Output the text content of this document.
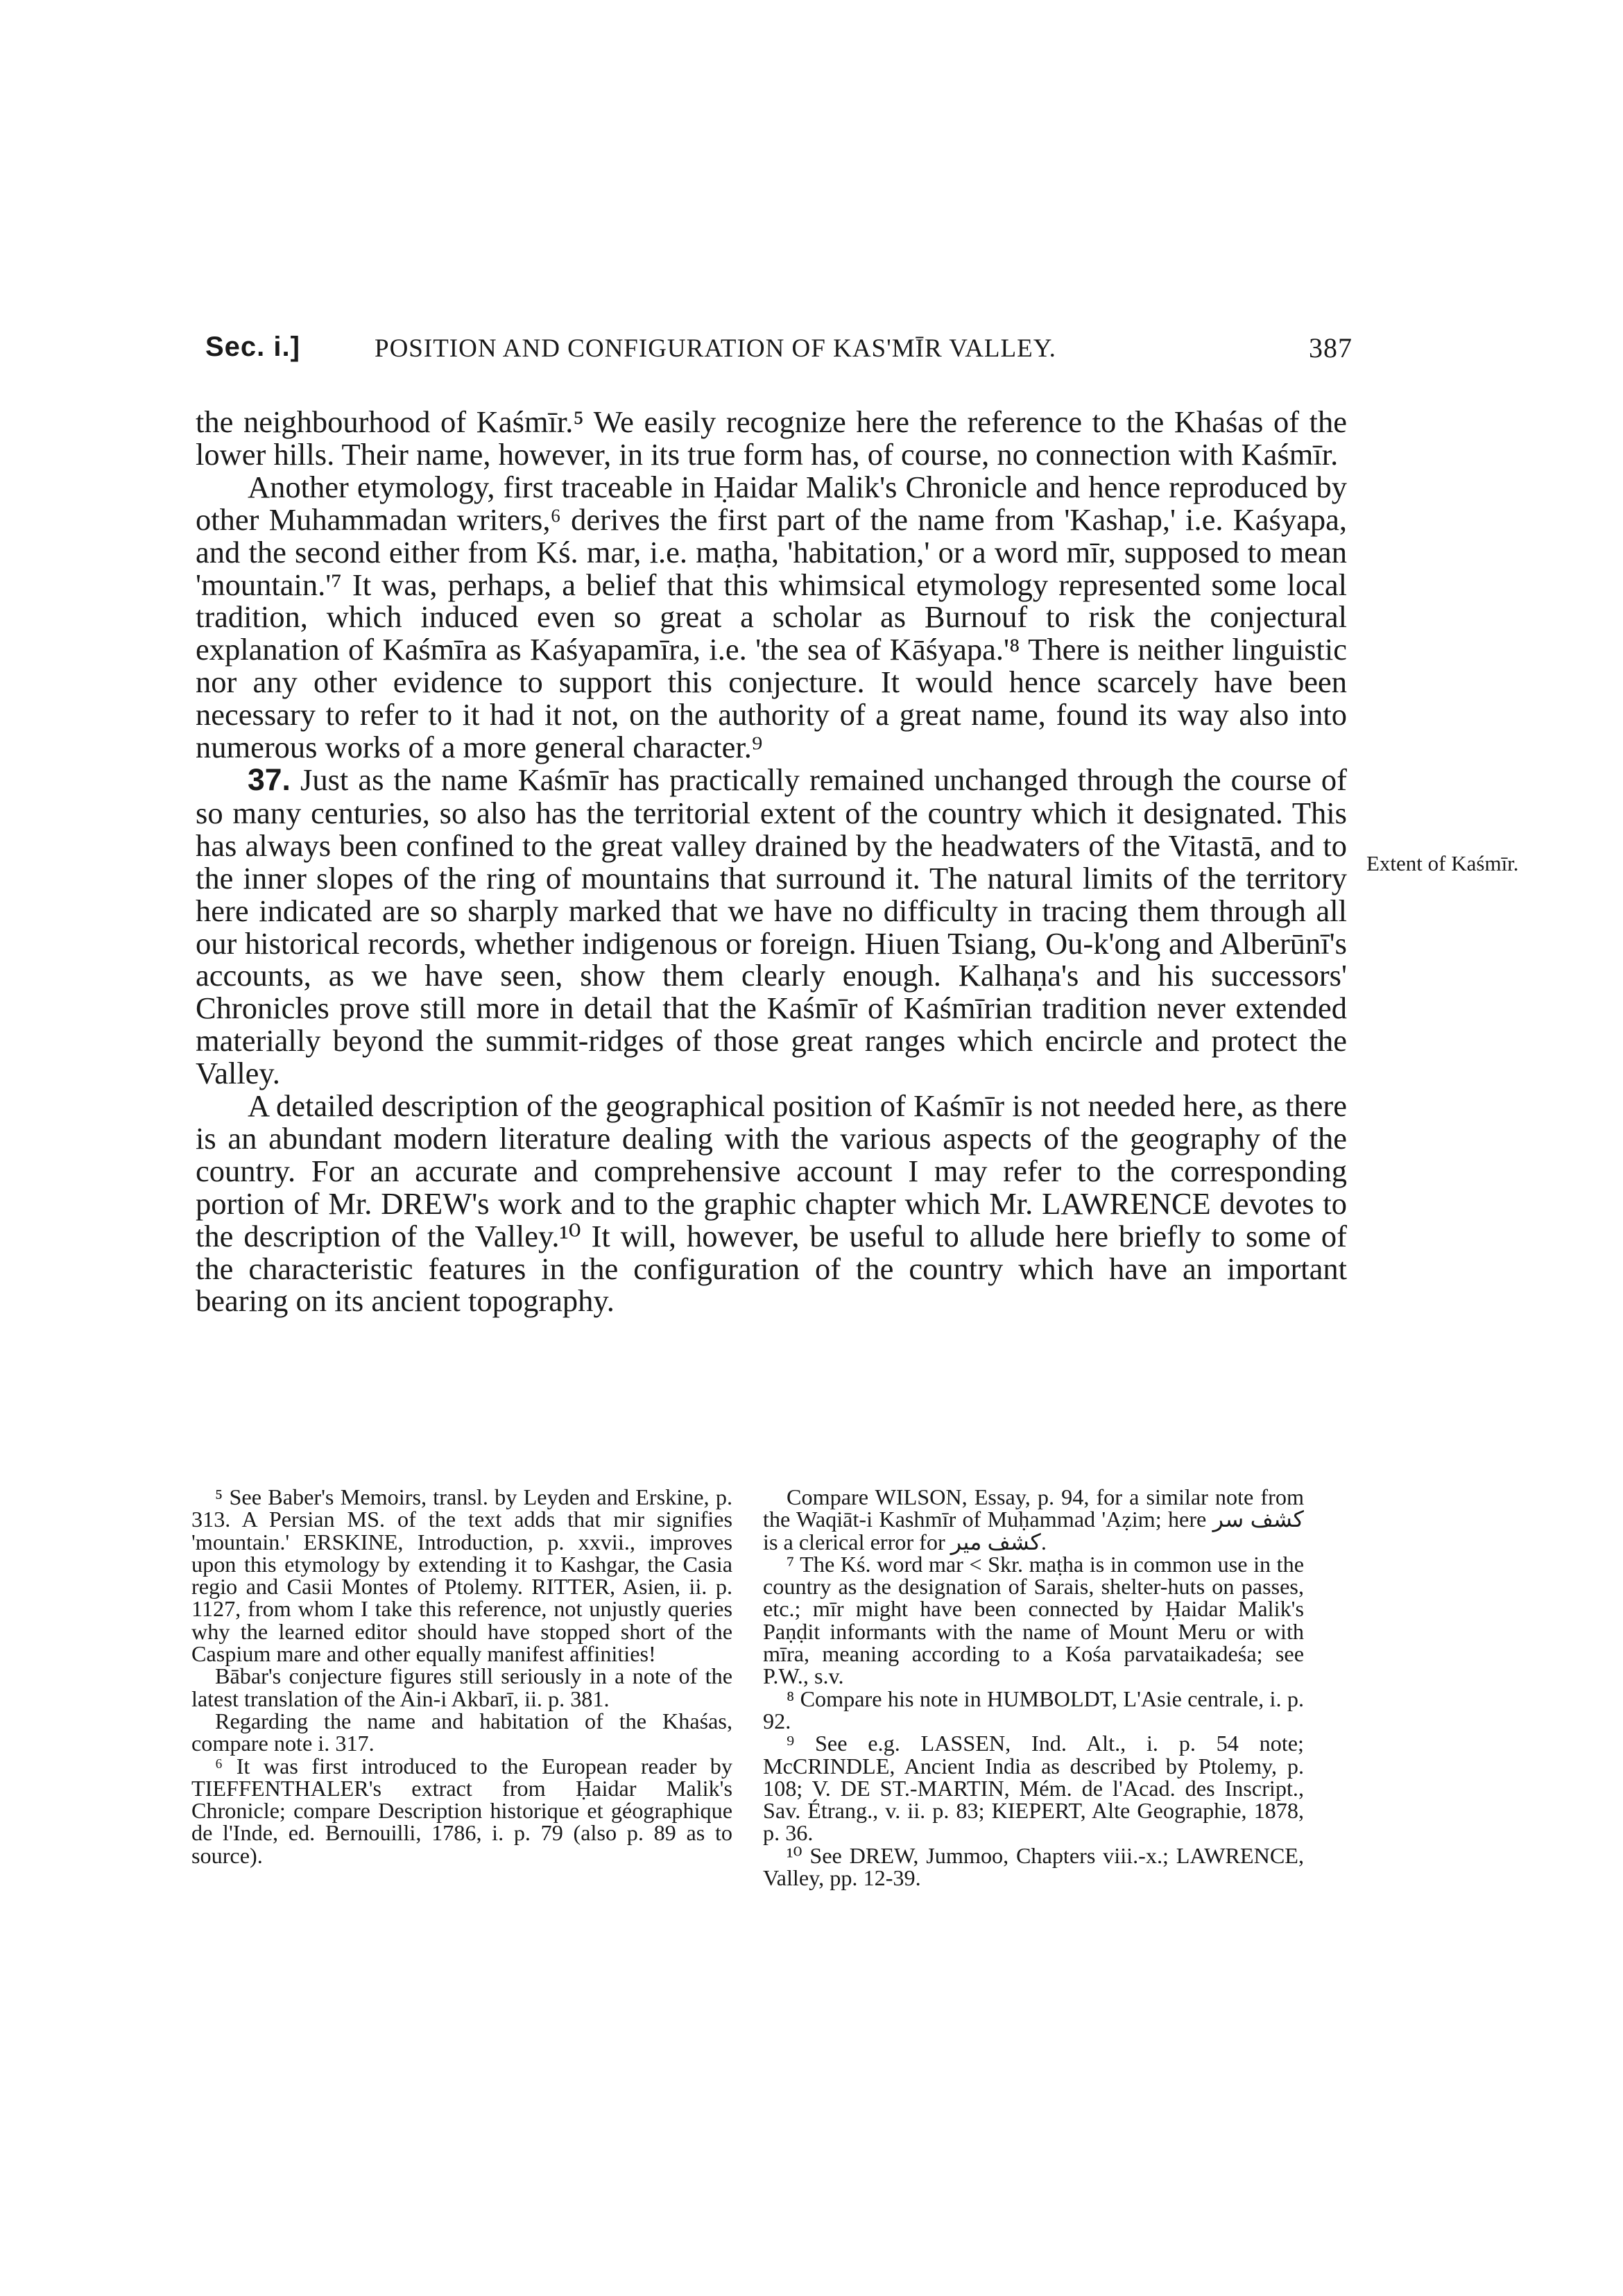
Sec. i.]	POSITION AND CONFIGURATION OF KAS'MĪR VALLEY.	387

the neighbourhood of Kaśmīr.⁵ We easily recognize here the reference to the Khaśas of the lower hills. Their name, however, in its true form has, of course, no connection with Kaśmīr.

Another etymology, first traceable in Ḥaidar Malik's Chronicle and hence reproduced by other Muhammadan writers,⁶ derives the first part of the name from 'Kashap,' i.e. Kaśyapa, and the second either from Kś. mar, i.e. maṭha, 'habitation,' or a word mīr, supposed to mean 'mountain.'⁷ It was, perhaps, a belief that this whimsical etymology represented some local tradition, which induced even so great a scholar as Burnouf to risk the conjectural explanation of Kaśmīra as Kaśyapamīra, i.e. 'the sea of Kāśyapa.'⁸ There is neither linguistic nor any other evidence to support this conjecture. It would hence scarcely have been necessary to refer to it had it not, on the authority of a great name, found its way also into numerous works of a more general character.⁹

37. Just as the name Kaśmīr has practically remained unchanged through the course of so many centuries, so also has the territorial extent of the country which it designated. This has always been confined to the great valley drained by the headwaters of the Vitastā, and to the inner slopes of the ring of mountains that surround it. The natural limits of the territory here indicated are so sharply marked that we have no difficulty in tracing them through all our historical records, whether indigenous or foreign. Hiuen Tsiang, Ou-k'ong and Alberūnī's accounts, as we have seen, show them clearly enough. Kalhaṇa's and his successors' Chronicles prove still more in detail that the Kaśmīr of Kaśmīrian tradition never extended materially beyond the summit-ridges of those great ranges which encircle and protect the Valley.

A detailed description of the geographical position of Kaśmīr is not needed here, as there is an abundant modern literature dealing with the various aspects of the geography of the country. For an accurate and comprehensive account I may refer to the corresponding portion of Mr. DREW's work and to the graphic chapter which Mr. LAWRENCE devotes to the description of the Valley.¹⁰ It will, however, be useful to allude here briefly to some of the characteristic features in the configuration of the country which have an important bearing on its ancient topography.

Extent of Kaśmīr.

⁵ See Baber's Memoirs, transl. by Leyden and Erskine, p. 313. A Persian MS. of the text adds that mir signifies 'mountain.' ERSKINE, Introduction, p. xxvii., improves upon this etymology by extending it to Kashgar, the Casia regio and Casii Montes of Ptolemy. RITTER, Asien, ii. p. 1127, from whom I take this reference, not unjustly queries why the learned editor should have stopped short of the Caspium mare and other equally manifest affinities!

Bābar's conjecture figures still seriously in a note of the latest translation of the Ain-i Akbarī, ii. p. 381.

Regarding the name and habitation of the Khaśas, compare note i. 317.

⁶ It was first introduced to the European reader by TIEFFENTHALER's extract from Ḥaidar Malik's Chronicle; compare Description historique et géographique de l'Inde, ed. Bernouilli, 1786, i. p. 79 (also p. 89 as to source).

Compare WILSON, Essay, p. 94, for a similar note from the Waqiāt-i Kashmīr of Muḥammad 'Aẓim; here کشف سر is a clerical error for کشف میر.

⁷ The Kś. word mar < Skr. maṭha is in common use in the country as the designation of Sarais, shelter-huts on passes, etc.; mīr might have been connected by Ḥaidar Malik's Paṇḍit informants with the name of Mount Meru or with mīra, meaning according to a Kośa parvataikadeśa; see P.W., s.v.

⁸ Compare his note in HUMBOLDT, L'Asie centrale, i. p. 92.

⁹ See e.g. LASSEN, Ind. Alt., i. p. 54 note; McCRINDLE, Ancient India as described by Ptolemy, p. 108; V. DE ST.-MARTIN, Mém. de l'Acad. des Inscript., Sav. Étrang., v. ii. p. 83; KIEPERT, Alte Geographie, 1878, p. 36.

¹⁰ See DREW, Jummoo, Chapters viii.-x.; LAWRENCE, Valley, pp. 12-39.
